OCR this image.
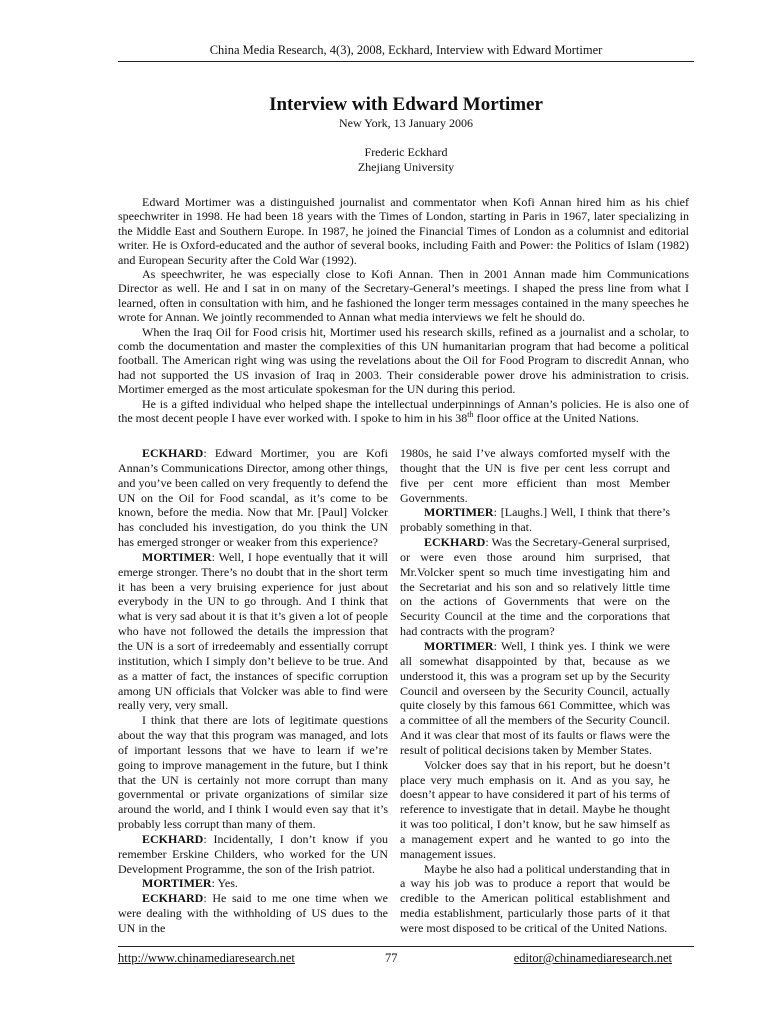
China Media Research, 4(3), 2008, Eckhard, Interview with Edward Mortimer
Interview with Edward Mortimer
New York, 13 January 2006
Frederic Eckhard
Zhejiang University

Edward Mortimer was a distinguished journalist and commentator when Kofi Annan hired him as his chief speechwriter in 1998. He had been 18 years with the Times of London, starting in Paris in 1967, later specializing in the Middle East and Southern Europe. In 1987, he joined the Financial Times of London as a columnist and editorial writer. He is Oxford-educated and the author of several books, including Faith and Power: the Politics of Islam (1982) and European Security after the Cold War (1992).

As speechwriter, he was especially close to Kofi Annan. Then in 2001 Annan made him Communications Director as well. He and I sat in on many of the Secretary-General’s meetings. I shaped the press line from what I learned, often in consultation with him, and he fashioned the longer term messages contained in the many speeches he wrote for Annan. We jointly recommended to Annan what media interviews we felt he should do.

When the Iraq Oil for Food crisis hit, Mortimer used his research skills, refined as a journalist and a scholar, to comb the documentation and master the complexities of this UN humanitarian program that had become a political football. The American right wing was using the revelations about the Oil for Food Program to discredit Annan, who had not supported the US invasion of Iraq in 2003. Their considerable power drove his administration to crisis. Mortimer emerged as the most articulate spokesman for the UN during this period.

He is a gifted individual who helped shape the intellectual underpinnings of Annan’s policies. He is also one of the most decent people I have ever worked with. I spoke to him in his 38th floor office at the United Nations.

ECKHARD: Edward Mortimer, you are Kofi Annan’s Communications Director, among other things, and you’ve been called on very frequently to defend the UN on the Oil for Food scandal, as it’s come to be known, before the media. Now that Mr. [Paul] Volcker has concluded his investigation, do you think the UN has emerged stronger or weaker from this experience?

MORTIMER: Well, I hope eventually that it will emerge stronger. There’s no doubt that in the short term it has been a very bruising experience for just about everybody in the UN to go through. And I think that what is very sad about it is that it’s given a lot of people who have not followed the details the impression that the UN is a sort of irredeemably and essentially corrupt institution, which I simply don’t believe to be true. And as a matter of fact, the instances of specific corruption among UN officials that Volcker was able to find were really very, very small.

I think that there are lots of legitimate questions about the way that this program was managed, and lots of important lessons that we have to learn if we’re going to improve management in the future, but I think that the UN is certainly not more corrupt than many governmental or private organizations of similar size around the world, and I think I would even say that it’s probably less corrupt than many of them.

ECKHARD: Incidentally, I don’t know if you remember Erskine Childers, who worked for the UN Development Programme, the son of the Irish patriot.

MORTIMER: Yes.

ECKHARD: He said to me one time when we were dealing with the withholding of US dues to the UN in the

1980s, he said I’ve always comforted myself with the thought that the UN is five per cent less corrupt and five per cent more efficient than most Member Governments.

MORTIMER: [Laughs.] Well, I think that there’s probably something in that.

ECKHARD: Was the Secretary-General surprised, or were even those around him surprised, that Mr.Volcker spent so much time investigating him and the Secretariat and his son and so relatively little time on the actions of Governments that were on the Security Council at the time and the corporations that had contracts with the program?

MORTIMER: Well, I think yes. I think we were all somewhat disappointed by that, because as we understood it, this was a program set up by the Security Council and overseen by the Security Council, actually quite closely by this famous 661 Committee, which was a committee of all the members of the Security Council. And it was clear that most of its faults or flaws were the result of political decisions taken by Member States.

Volcker does say that in his report, but he doesn’t place very much emphasis on it. And as you say, he doesn’t appear to have considered it part of his terms of reference to investigate that in detail. Maybe he thought it was too political, I don’t know, but he saw himself as a management expert and he wanted to go into the management issues.

Maybe he also had a political understanding that in a way his job was to produce a report that would be credible to the American political establishment and media establishment, particularly those parts of it that were most disposed to be critical of the United Nations.

http://www.chinamediaresearch.net	77	editor@chinamediaresearch.net
